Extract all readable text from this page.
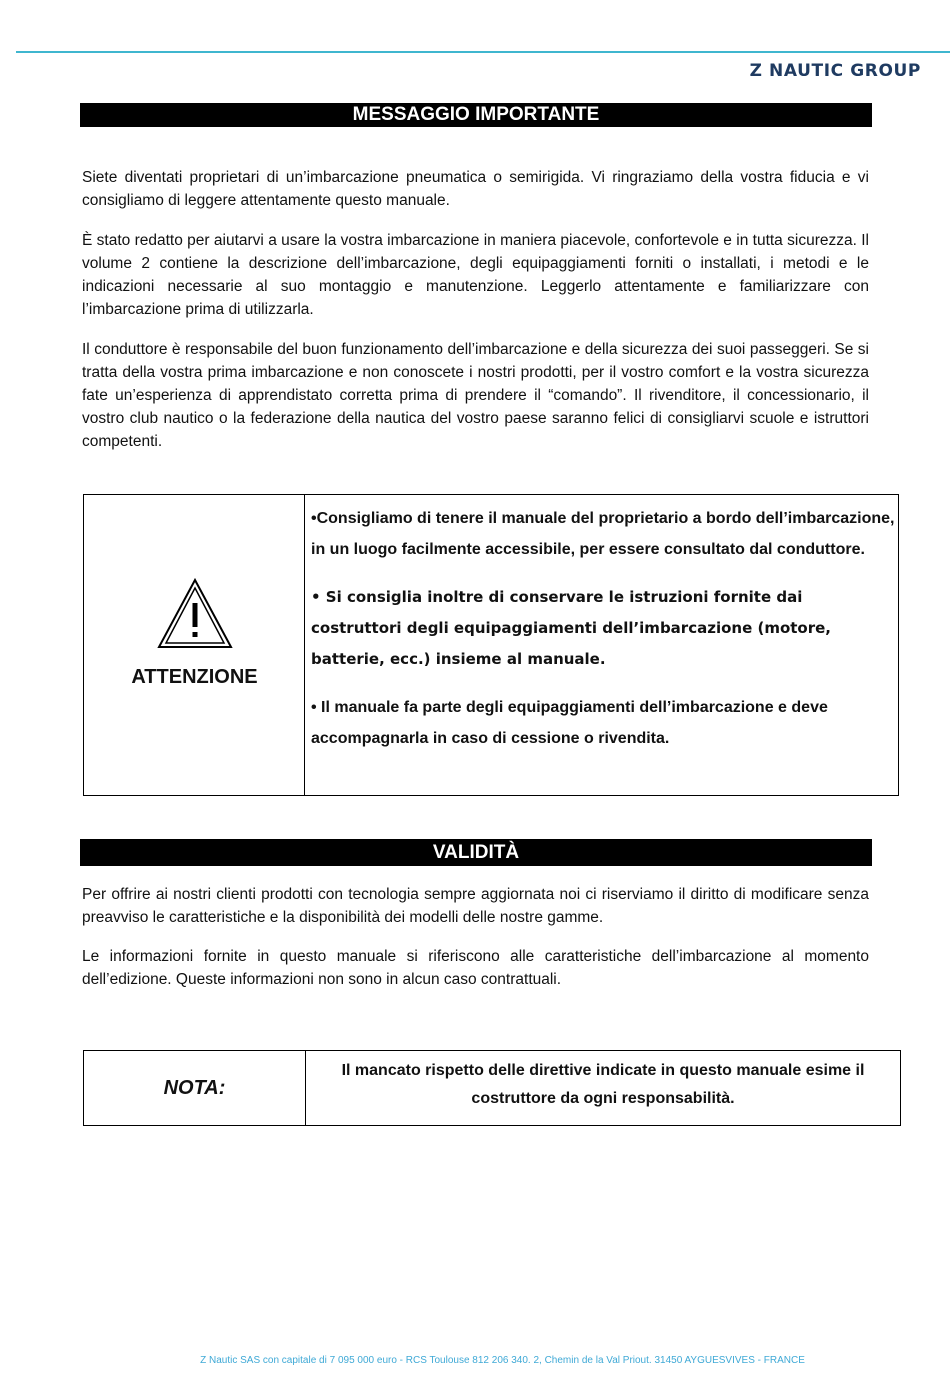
Z NAUTIC GROUP
MESSAGGIO IMPORTANTE

Siete diventati proprietari di un’imbarcazione pneumatica o semirigida. Vi ringraziamo della vostra fiducia e vi consigliamo di leggere attentamente questo manuale.

È stato redatto per aiutarvi a usare la vostra imbarcazione in maniera piacevole, confortevole e in tutta sicurezza. Il volume 2 contiene la descrizione dell’imbarcazione, degli equipaggiamenti forniti o installati, i metodi e le indicazioni necessarie al suo montaggio e manutenzione. Leggerlo attentamente e familiarizzare con l’imbarcazione prima di utilizzarla.

Il conduttore è responsabile del buon funzionamento dell’imbarcazione e della sicurezza dei suoi passeggeri. Se si tratta della vostra prima imbarcazione e non conoscete i nostri prodotti, per il vostro comfort e la vostra sicurezza fate un’esperienza di apprendistato corretta prima di prendere il “comando”. Il rivenditore, il concessionario, il vostro club nautico o la federazione della nautica del vostro paese saranno felici di consigliarvi scuole e istruttori competenti.

ATTENZIONE

•Consigliamo di tenere il manuale del proprietario a bordo dell’imbarcazione, in un luogo facilmente accessibile, per essere consultato dal conduttore.

• Si consiglia inoltre di conservare le istruzioni fornite dai costruttori degli equipaggiamenti dell’imbarcazione (motore, batterie, ecc.) insieme al manuale.

• Il manuale fa parte degli equipaggiamenti dell’imbarcazione e deve accompagnarla in caso di cessione o rivendita.

VALIDITÀ

Per offrire ai nostri clienti prodotti con tecnologia sempre aggiornata noi ci riserviamo il diritto di modificare senza preavviso le caratteristiche e la disponibilità dei modelli delle nostre gamme.

Le informazioni fornite in questo manuale si riferiscono alle caratteristiche dell’imbarcazione al momento dell’edizione. Queste informazioni non sono in alcun caso contrattuali.

NOTA:
Il mancato rispetto delle direttive indicate in questo manuale esime il costruttore da ogni responsabilità.
Z Nautic SAS con capitale di 7 095 000 euro - RCS Toulouse 812 206 340. 2, Chemin de la Val Priout. 31450 AYGUESVIVES - FRANCE
